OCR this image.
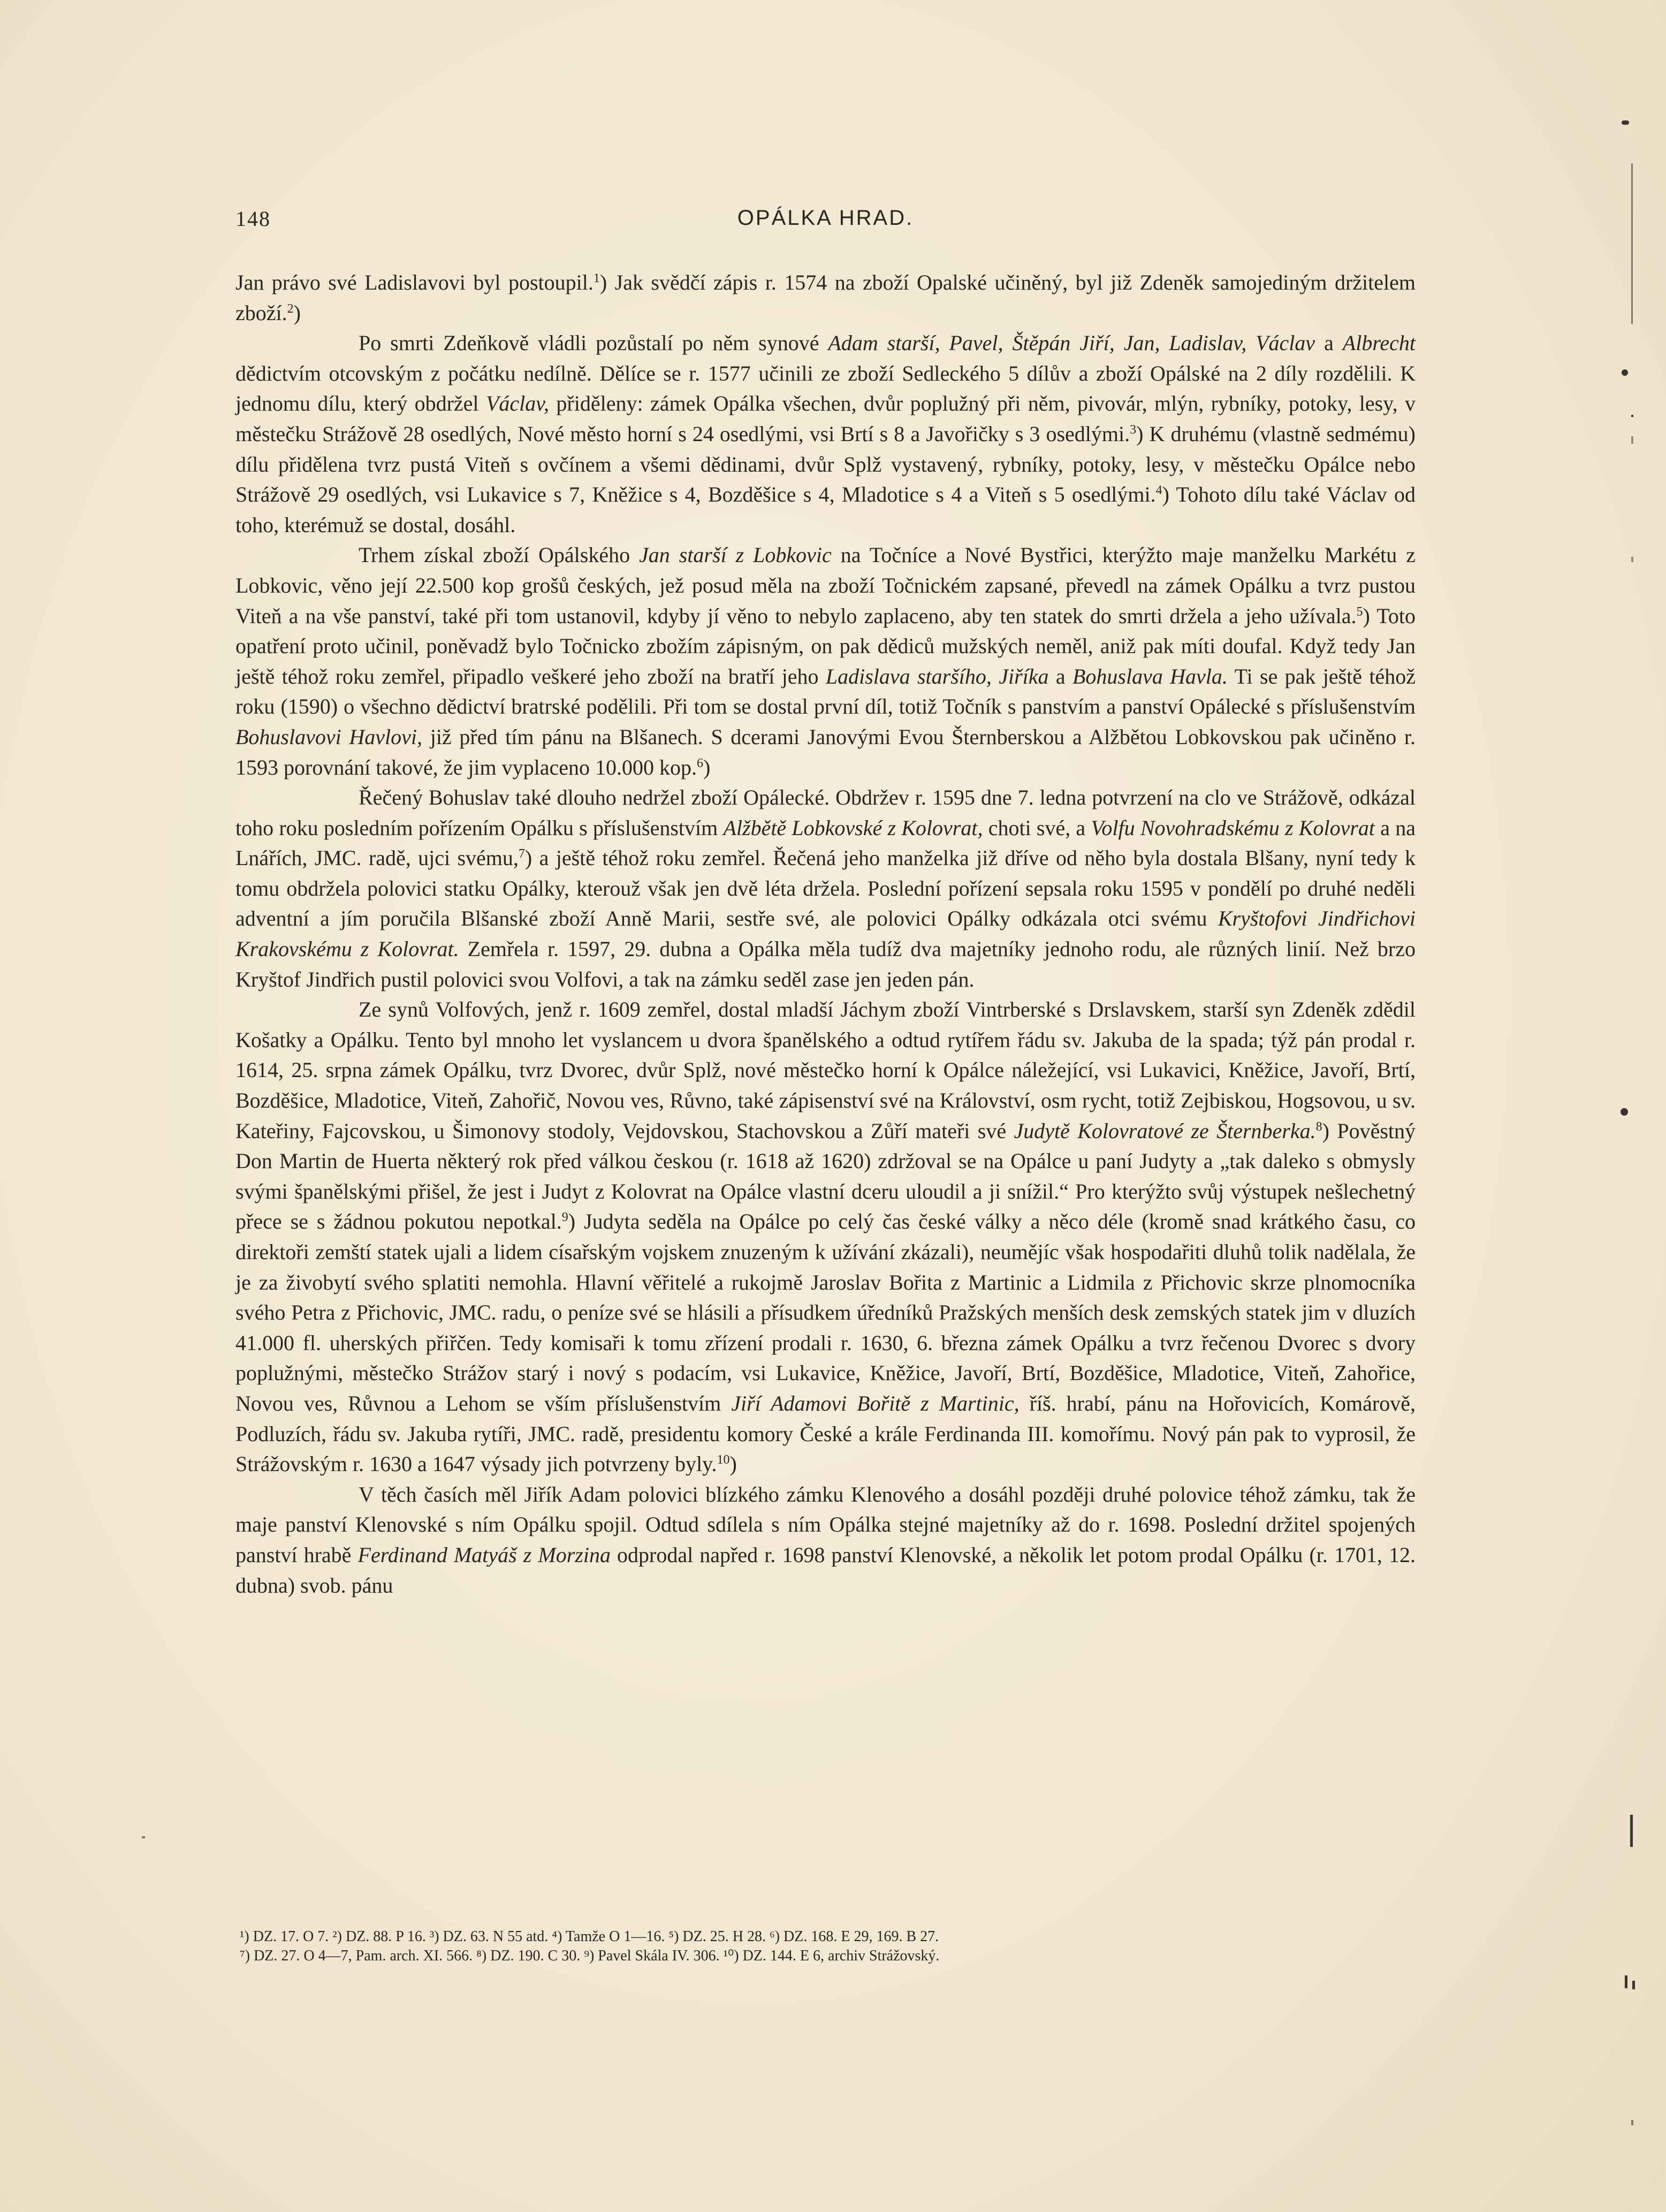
148	OPÁLKA HRAD.

Jan právo své Ladislavovi byl postoupil.$^1$) Jak svědčí zápis r. 1574 na zboží Opalské učiněný, byl již Zdeněk samojediným držitelem zboží.$^2$)

Po smrti Zdeňkově vládli pozůstalí po něm synové Adam starší, Pavel, Štěpán Jiří, Jan, Ladislav, Václav a Albrecht dědictvím otcovským z počátku nedílně. Dělíce se r. 1577 učinili ze zboží Sedleckého 5 dílův a zboží Opálské na 2 díly rozdělili. K jednomu dílu, který obdržel Václav, přiděleny: zámek Opálka všechen, dvůr poplužný při něm, pivovár, mlýn, rybníky, potoky, lesy, v městečku Strážově 28 osedlých, Nové město horní s 24 osedlými, vsi Brtí s 8 a Javořičky s 3 osedlými.$^3$) K druhému (vlastně sedmému) dílu přidělena tvrz pustá Viteň s ovčínem a všemi dědinami, dvůr Splž vystavený, rybníky, potoky, lesy, v městečku Opálce nebo Strážově 29 osedlých, vsi Lukavice s 7, Kněžice s 4, Bozděšice s 4, Mladotice s 4 a Viteň s 5 osedlými.$^4$) Tohoto dílu také Václav od toho, kterémuž se dostal, dosáhl.

Trhem získal zboží Opálského Jan starší z Lobkovic na Točníce a Nové Bystřici, kterýžto maje manželku Markétu z Lobkovic, věno její 22.500 kop grošů českých, jež posud měla na zboží Točnickém zapsané, převedl na zámek Opálku a tvrz pustou Viteň a na vše panství, také při tom ustanovil, kdyby jí věno to nebylo zaplaceno, aby ten statek do smrti držela a jeho užívala.$^5$) Toto opatření proto učinil, poněvadž bylo Točnicko zbožím zápisným, on pak dědiců mužských neměl, aniž pak míti doufal. Když tedy Jan ještě téhož roku zemřel, připadlo veškeré jeho zboží na bratří jeho Ladislava staršího, Jiříka a Bohuslava Havla. Ti se pak ještě téhož roku (1590) o všechno dědictví bratrské podělili. Při tom se dostal první díl, totiž Točník s panstvím a panství Opálecké s příslušenstvím Bohuslavovi Havlovi, již před tím pánu na Blšanech. S dcerami Janovými Evou Šternberskou a Alžbětou Lobkovskou pak učiněno r. 1593 porovnání takové, že jim vyplaceno 10.000 kop.$^6$)

Řečený Bohuslav také dlouho nedržel zboží Opálecké. Obdržev r. 1595 dne 7. ledna potvrzení na clo ve Strážově, odkázal toho roku posledním pořízením Opálku s příslušenstvím Alžbětě Lobkovské z Kolovrat, choti své, a Volfu Novohradskému z Kolovrat a na Lnářích, JMC. radě, ujci svému,$^7$) a ještě téhož roku zemřel. Řečená jeho manželka již dříve od něho byla dostala Blšany, nyní tedy k tomu obdržela polovici statku Opálky, kterouž však jen dvě léta držela. Poslední pořízení sepsala roku 1595 v pondělí po druhé neděli adventní a jím poručila Blšanské zboží Anně Marii, sestře své, ale polovici Opálky odkázala otci svému Kryštofovi Jindřichovi Krakovskému z Kolovrat. Zemřela r. 1597, 29. dubna a Opálka měla tudíž dva majetníky jednoho rodu, ale různých linií. Než brzo Kryštof Jindřich pustil polovici svou Volfovi, a tak na zámku seděl zase jen jeden pán.

Ze synů Volfových, jenž r. 1609 zemřel, dostal mladší Jáchym zboží Vintrberské s Drslavskem, starší syn Zdeněk zdědil Košatky a Opálku. Tento byl mnoho let vyslancem u dvora španělského a odtud rytířem řádu sv. Jakuba de la spada; týž pán prodal r. 1614, 25. srpna zámek Opálku, tvrz Dvorec, dvůr Splž, nové městečko horní k Opálce náležející, vsi Lukavici, Kněžice, Javoří, Brtí, Bozděšice, Mladotice, Viteň, Zahořič, Novou ves, Růvno, také zápisenství své na Království, osm rycht, totiž Zejbiskou, Hogsovou, u sv. Kateřiny, Fajcovskou, u Šimonovy stodoly, Vejdovskou, Stachovskou a Zůří mateři své Judytě Kolovratové ze Šternberka.$^8$) Pověstný Don Martin de Huerta některý rok před válkou českou (r. 1618 až 1620) zdržoval se na Opálce u paní Judyty a „tak daleko s obmysly svými španělskými přišel, že jest i Judyt z Kolovrat na Opálce vlastní dceru uloudil a ji snížil.“ Pro kterýžto svůj výstupek nešlechetný přece se s žádnou pokutou nepotkal.$^9$) Judyta seděla na Opálce po celý čas české války a něco déle (kromě snad krátkého času, co direktoři zemští statek ujali a lidem císařským vojskem znuzeným k užívání zkázali), neumějíc však hospodařiti dluhů tolik nadělala, že je za živobytí svého splatiti nemohla. Hlavní věřitelé a rukojmě Jaroslav Bořita z Martinic a Lidmila z Přichovic skrze plnomocníka svého Petra z Přichovic, JMC. radu, o peníze své se hlásili a přísudkem úředníků Pražských menších desk zemských statek jim v dluzích 41.000 fl. uherských přiřčen. Tedy komisaři k tomu zřízení prodali r. 1630, 6. března zámek Opálku a tvrz řečenou Dvorec s dvory poplužnými, městečko Strážov starý i nový s podacím, vsi Lukavice, Kněžice, Javoří, Brtí, Bozděšice, Mladotice, Viteň, Zahořice, Novou ves, Růvnou a Lehom se vším příslušenstvím Jiří Adamovi Bořitě z Martinic, říš. hrabí, pánu na Hořovicích, Komárově, Podluzích, řádu sv. Jakuba rytíři, JMC. radě, presidentu komory České a krále Ferdinanda III. komořímu. Nový pán pak to vyprosil, že Strážovským r. 1630 a 1647 výsady jich potvrzeny byly.$^{10}$)

V těch časích měl Jiřík Adam polovici blízkého zámku Klenového a dosáhl později druhé polovice téhož zámku, tak že maje panství Klenovské s ním Opálku spojil. Odtud sdílela s ním Opálka stejné majetníky až do r. 1698. Poslední držitel spojených panství hrabě Ferdinand Matyáš z Morzina odprodal napřed r. 1698 panství Klenovské, a několik let potom prodal Opálku (r. 1701, 12. dubna) svob. pánu

¹) DZ. 17. O 7. ²) DZ. 88. P 16. ³) DZ. 63. N 55 atd. ⁴) Tamže O 1—16. ⁵) DZ. 25. H 28. ⁶) DZ. 168. E 29, 169. B 27.

⁷) DZ. 27. O 4—7, Pam. arch. XI. 566. ⁸) DZ. 190. C 30. ⁹) Pavel Skála IV. 306. ¹⁰) DZ. 144. E 6, archiv Strážovský.
